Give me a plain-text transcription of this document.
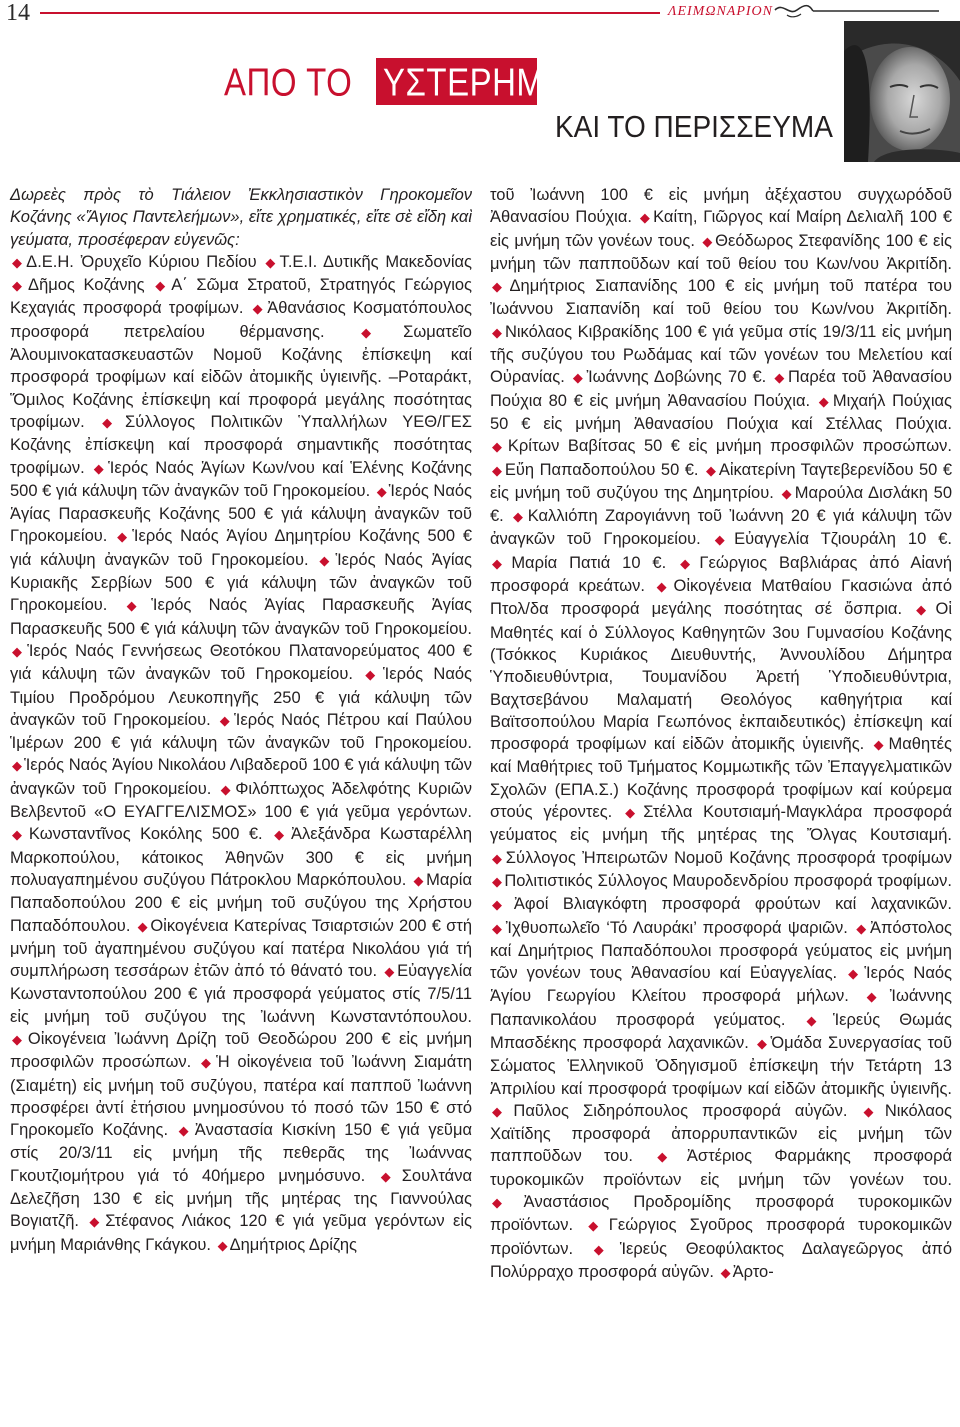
14	ΛΕΙΜΩΝΑΡΙΟΝ
ΑΠΟ ΤΟ ΥΣΤΕΡΗΜΑ
ΚΑΙ ΤΟ ΠΕΡΙΣΣΕΥΜΑ
Δωρεὲς πρὸς τὸ Τιάλειον Ἐκκλησιαστικὸν Γηροκομεῖον Κοζάνης «Ἅγιος Παντελεήμων», εἴτε χρηματικές, εἴτε σὲ εἴδη καὶ γεύματα, προσέφεραν εὐγενῶς:
◆ Δ.Ε.Η. Ὀρυχεῖο Κύριου Πεδίου ◆ Τ.Ε.Ι. Δυτικῆς Μακεδονίας ◆ Δῆμος Κοζάνης ◆ Α΄ Σῶμα Στρατοῦ, Στρατηγός Γεώργιος Κεχαγιάς προσφορά τροφίμων. ◆ Ἀθανάσιος Κοσματόπουλος προσφορά πετρελαίου θέρμανσης.	◆ Σωματεῖο Ἀλουμινοκατασκευαστῶν Νομοῦ Κοζάνης ἐπίσκεψη καί προσφορά τροφίμων καί εἰδῶν ἀτομικῆς ὑγιεινῆς. –Ροταράκτ, Ὅμιλος Κοζάνης ἐπίσκεψη καί προφορά μεγάλης ποσότητας τροφίμων. ◆ Σύλλογος Πολιτικῶν Ὑπαλλήλων ΥΕΘ/ΓΕΣ Κοζάνης ἐπίσκεψη καί προσφορά σημαντικῆς ποσότητας τροφίμων. ◆ Ἱερός Ναός Ἁγίων Κων/νου καί Ἑλένης Κοζάνης 500 € γιά κάλυψη τῶν ἀναγκῶν τοῦ Γηροκομείου. ◆ Ἱερός Ναός Ἁγίας Παρασκευῆς Κοζάνης 500 € γιά κάλυψη ἀναγκῶν τοῦ Γηροκομείου. ◆ Ἱερός Ναός Ἁγίου Δημητρίου Κοζάνης 500 € γιά κάλυψη ἀναγκῶν τοῦ Γηροκομείου. ◆ Ἱερός Ναός Ἁγίας Κυριακῆς Σερβίων 500 € γιά κάλυψη τῶν ἀναγκῶν τοῦ Γηροκομείου. ◆ Ἱερός Ναός Ἁγίας Παρασκευῆς Ἁγίας Παρασκευῆς 500 € γιά κάλυψη τῶν ἀναγκῶν τοῦ Γηροκομείου. ◆ Ἱερός Ναός Γεννήσεως Θεοτόκου Πλατανορεύματος 400 € γιά κάλυψη τῶν ἀναγκῶν τοῦ Γηροκομείου. ◆ Ἱερός Ναός Τιμίου Προδρόμου Λευκοπηγῆς 250 € γιά κάλυψη τῶν ἀναγκῶν τοῦ Γηροκομείου. ◆ Ἱερός Ναός Πέτρου καί Παύλου Ἱμέρων 200 € γιά κάλυψη τῶν ἀναγκῶν τοῦ Γηροκομείου. ◆ Ἱερός Ναός Ἁγίου Νικολάου Λιβαδεροῦ 100 € γιά κάλυψη τῶν ἀναγκῶν τοῦ Γηροκομείου. ◆ Φιλόπτωχος Ἀδελφότης Κυριῶν Βελβεντοῦ «Ο ΕΥΑΓΓΕΛΙΣΜΟΣ» 100 € γιά γεῦμα γερόντων. ◆ Κωνσταντῖνος Κοκόλης 500 €. ◆ Ἀλεξάνδρα Κωσταρέλλη Μαρκοπούλου, κάτοικος Ἀθηνῶν 300 € εἰς μνήμη πολυαγαπημένου συζύγου Πάτροκλου Μαρκόπουλου. ◆ Μαρία Παπαδοπούλου 200 € εἰς μνήμη τοῦ συζύγου της Χρήστου Παπαδόπουλου. ◆ Οἰκογένεια Κατερίνας Τσιαρτσιών 200 € στή μνήμη τοῦ ἀγαπημένου συζύγου καί πατέρα Νικολάου γιά τή συμπλήρωση τεσσάρων ἐτῶν ἀπό τό θάνατό του. ◆ Εὐαγγελία Κωνσταντοπούλου 200 € γιά προσφορά γεύματος στίς 7/5/11 εἰς μνήμη τοῦ συζύγου της Ἰωάννη Κωνσταντόπουλου. ◆ Οἰκογένεια Ἰωάννη Δρίζη τοῦ Θεοδώρου 200 € εἰς μνήμη προσφιλῶν προσώπων. ◆ Ἡ οἰκογένεια τοῦ Ἰωάννη Σιαμάτη (Σιαμέτη) εἰς μνήμη τοῦ συζύγου, πατέρα καί παπποῦ Ἰωάννη προσφέρει ἀντί ἐτήσιου μνημοσύνου τό ποσό τῶν 150 € στό Γηροκομεῖο Κοζάνης. ◆ Ἀναστασία Κισκίνη 150 € γιά γεῦμα στίς 20/3/11 εἰς μνήμη τῆς πεθερᾶς της Ἰωάννας Γκουτζιομήτρου γιά τό 40ήμερο μνημόσυνο. ◆ Σουλτάνα Δελεζῆση 130 € εἰς μνήμη τῆς μητέρας της Γιαννούλας Βογιατζῆ. ◆ Στέφανος Λιάκος 120 € γιά γεῦμα γερόντων εἰς μνήμη Μαριάνθης Γκάγκου. ◆ Δημήτριος Δρίζης
τοῦ Ἰωάννη 100 € εἰς μνήμη ἀξέχαστου συγχωρόδοῦ Ἀθανασίου Πούχια. ◆ Καίτη, Γιῶργος καί Μαίρη Δελιαλῆ 100 € εἰς μνήμη τῶν γονέων τους. ◆ Θεόδωρος Στεφανίδης 100 € εἰς μνήμη τῶν παπποῦδων καί τοῦ θείου του Κων/νου Ἀκριτίδη. ◆ Δημήτριος Σιαπανίδης 100 € εἰς μνήμη τοῦ πατέρα του Ἰωάννου Σιαπανίδη καί τοῦ θείου του Κων/νου Ἀκριτίδη. ◆ Νικόλαος Κιβρακίδης 100 € γιά γεῦμα στίς 19/3/11 εἰς μνήμη τῆς συζύγου του Ρωδάμας καί τῶν γονέων του Μελετίου καί Οὐρανίας. ◆ Ἰωάννης Δοβώνης 70 €. ◆ Παρέα τοῦ Ἀθανασίου Πούχια 80 € εἰς μνήμη Ἀθανασίου Πούχια. ◆ Μιχαήλ Πούχιας 50 € εἰς μνήμη Ἀθανασίου Πούχια καί Στέλλας Πούχια. ◆ Κρίτων Βαβίτσας 50 € εἰς μνήμη προσφιλῶν προσώπων. ◆ Εὔη Παπαδοπούλου 50 €. ◆ Αἰκατερίνη Ταγτεβερενίδου 50 € εἰς μνήμη τοῦ συζύγου της Δημητρίου. ◆ Μαρούλα Δισλάκη 50 €. ◆ Καλλιόπη Ζαρογιάννη τοῦ Ἰωάννη 20 € γιά κάλυψη τῶν ἀναγκῶν τοῦ Γηροκομείου. ◆ Εὐαγγελία Τζιουράλη 10 €. ◆ Μαρία Πατιά 10 €. ◆ Γεώργιος Βαβλιάρας ἀπό Αἰανή προσφορά κρεάτων. ◆ Οἰκογένεια Ματθαίου Γκασιώνα ἀπό Πτολ/δα προσφορά μεγάλης ποσότητας σέ ὄσπρια. ◆ Οἱ Μαθητές καί ὁ Σύλλογος Καθηγητῶν 3ου Γυμνασίου Κοζάνης (Τσόκκος Κυριάκος Διευθυντής, Ἀννουλίδου Δήμητρα Ὑποδιευθύντρια, Τουμανίδου Ἀρετή Ὑποδιευθύντρια, Βαχτσεβάνου Μαλαματή Θεολόγος καθηγήτρια καί Βαϊτσοπούλου Μαρία Γεωπόνος ἐκπαιδευτικός) ἐπίσκεψη καί προσφορά τροφίμων καί εἰδῶν ἀτομικῆς ὑγιεινῆς. ◆ Μαθητές καί Μαθήτριες τοῦ Τμήματος Κομμωτικῆς τῶν Ἐπαγγελματικῶν Σχολῶν (ΕΠΑ.Σ.) Κοζάνης προσφορά τροφίμων καί κούρεμα στούς γέροντες. ◆ Στέλλα Κουτσιαμή-Μαγκλάρα προσφορά γεύματος εἰς μνήμη τῆς μητέρας της Ὄλγας Κουτσιαμή. ◆ Σύλλογος Ἠπειρωτῶν Νομοῦ Κοζάνης προσφορά τροφίμων ◆ Πολιτιστικός Σύλλογος Μαυροδενδρίου προσφορά τροφίμων. ◆ Ἀφοί Βλιαγκόφτη προσφορά φρούτων καί λαχανικῶν. ◆ Ἰχθυοπωλεῖο ‘Τό Λαυράκι’ προσφορά ψαριῶν. ◆ Ἀπόστολος καί Δημήτριος Παπαδόπουλοι προσφορά γεύματος εἰς μνήμη τῶν γονέων τους Ἀθανασίου καί Εὐαγγελίας. ◆ Ἱερός Ναός Ἁγίου Γεωργίου Κλείτου προσφορά μήλων. ◆ Ἰωάννης Παπανικολάου προσφορά γεύματος. ◆ Ἱερεύς Θωμάς Μπασδέκης προσφορά λαχανικῶν. ◆ Ὁμάδα Συνεργασίας τοῦ Σώματος Ἑλληνικοῦ Ὁδηγισμοῦ ἐπίσκεψη τήν Τετάρτη 13 Ἀπριλίου καί προσφορά τροφίμων καί εἰδῶν ἀτομικῆς ὑγιεινῆς. ◆ Παῦλος Σιδηρόπουλος προσφορά αὐγῶν. ◆ Νικόλαος Χαϊτίδης προσφορά ἀπορρυπαντικῶν εἰς μνήμη τῶν παπποῦδων του. ◆ Ἀστέριος Φαρμάκης προσφορά τυροκομικῶν προϊόντων εἰς μνήμη τῶν γονέων του. ◆ Ἀναστάσιος Προδρομίδης προσφορά τυροκομικῶν προϊόντων. ◆ Γεώργιος Σγοῦρος προσφορά τυροκομικῶν προϊόντων. ◆ Ἱερεύς Θεοφύλακτος Δαλαγεῶργος ἀπό Πολύρραχο προσφορά αὐγῶν. ◆ Ἀρτο-
